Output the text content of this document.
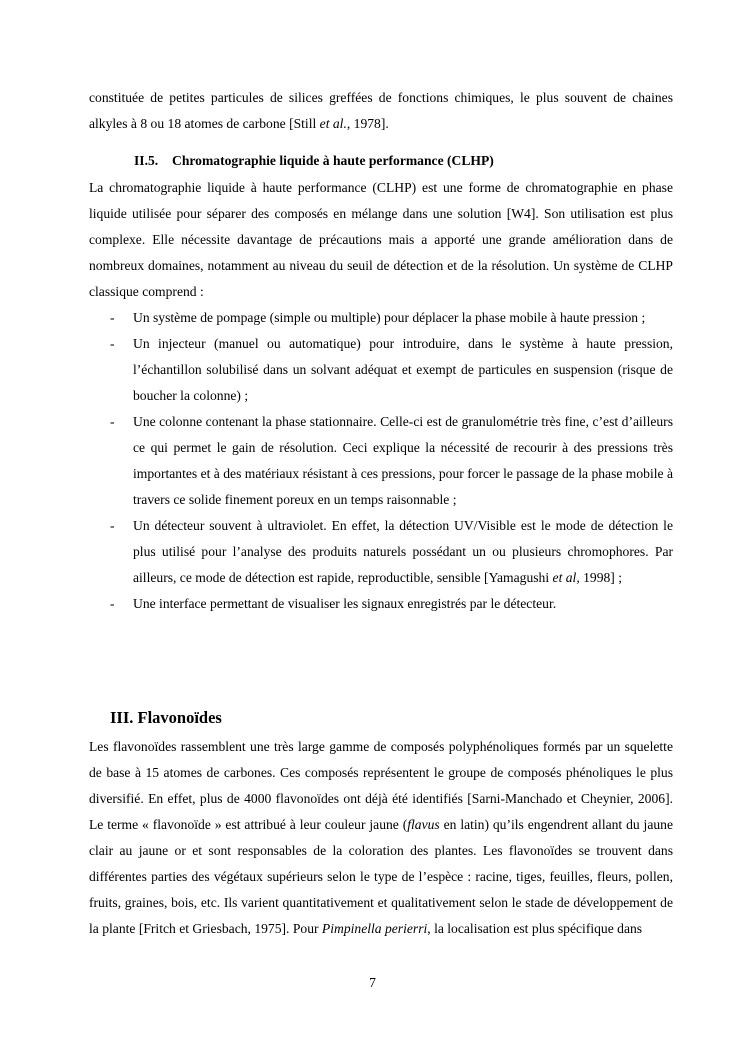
constituée de petites particules de silices greffées de fonctions chimiques, le plus souvent de chaines alkyles à 8 ou 18 atomes de carbone [Still et al., 1978].

II.5. Chromatographie liquide à haute performance (CLHP)

La chromatographie liquide à haute performance (CLHP) est une forme de chromatographie en phase liquide utilisée pour séparer des composés en mélange dans une solution [W4]. Son utilisation est plus complexe. Elle nécessite davantage de précautions mais a apporté une grande amélioration dans de nombreux domaines, notamment au niveau du seuil de détection et de la résolution. Un système de CLHP classique comprend :

- Un système de pompage (simple ou multiple) pour déplacer la phase mobile à haute pression ;
- Un injecteur (manuel ou automatique) pour introduire, dans le système à haute pression, l’échantillon solubilisé dans un solvant adéquat et exempt de particules en suspension (risque de boucher la colonne) ;
- Une colonne contenant la phase stationnaire. Celle-ci est de granulométrie très fine, c’est d’ailleurs ce qui permet le gain de résolution. Ceci explique la nécessité de recourir à des pressions très importantes et à des matériaux résistant à ces pressions, pour forcer le passage de la phase mobile à travers ce solide finement poreux en un temps raisonnable ;
- Un détecteur souvent à ultraviolet. En effet, la détection UV/Visible est le mode de détection le plus utilisé pour l’analyse des produits naturels possédant un ou plusieurs chromophores. Par ailleurs, ce mode de détection est rapide, reproductible, sensible [Yamagushi et al, 1998] ;
- Une interface permettant de visualiser les signaux enregistrés par le détecteur.
III. Flavonoïdes

Les flavonoïdes rassemblent une très large gamme de composés polyphénoliques formés par un squelette de base à 15 atomes de carbones. Ces composés représentent le groupe de composés phénoliques le plus diversifié. En effet, plus de 4000 flavonoïdes ont déjà été identifiés [Sarni-Manchado et Cheynier, 2006]. Le terme « flavonoïde » est attribué à leur couleur jaune (flavus en latin) qu’ils engendrent allant du jaune clair au jaune or et sont responsables de la coloration des plantes. Les flavonoïdes se trouvent dans différentes parties des végétaux supérieurs selon le type de l’espèce : racine, tiges, feuilles, fleurs, pollen, fruits, graines, bois, etc. Ils varient quantitativement et qualitativement selon le stade de développement de la plante [Fritch et Griesbach, 1975]. Pour Pimpinella perierri, la localisation est plus spécifique dans

7
